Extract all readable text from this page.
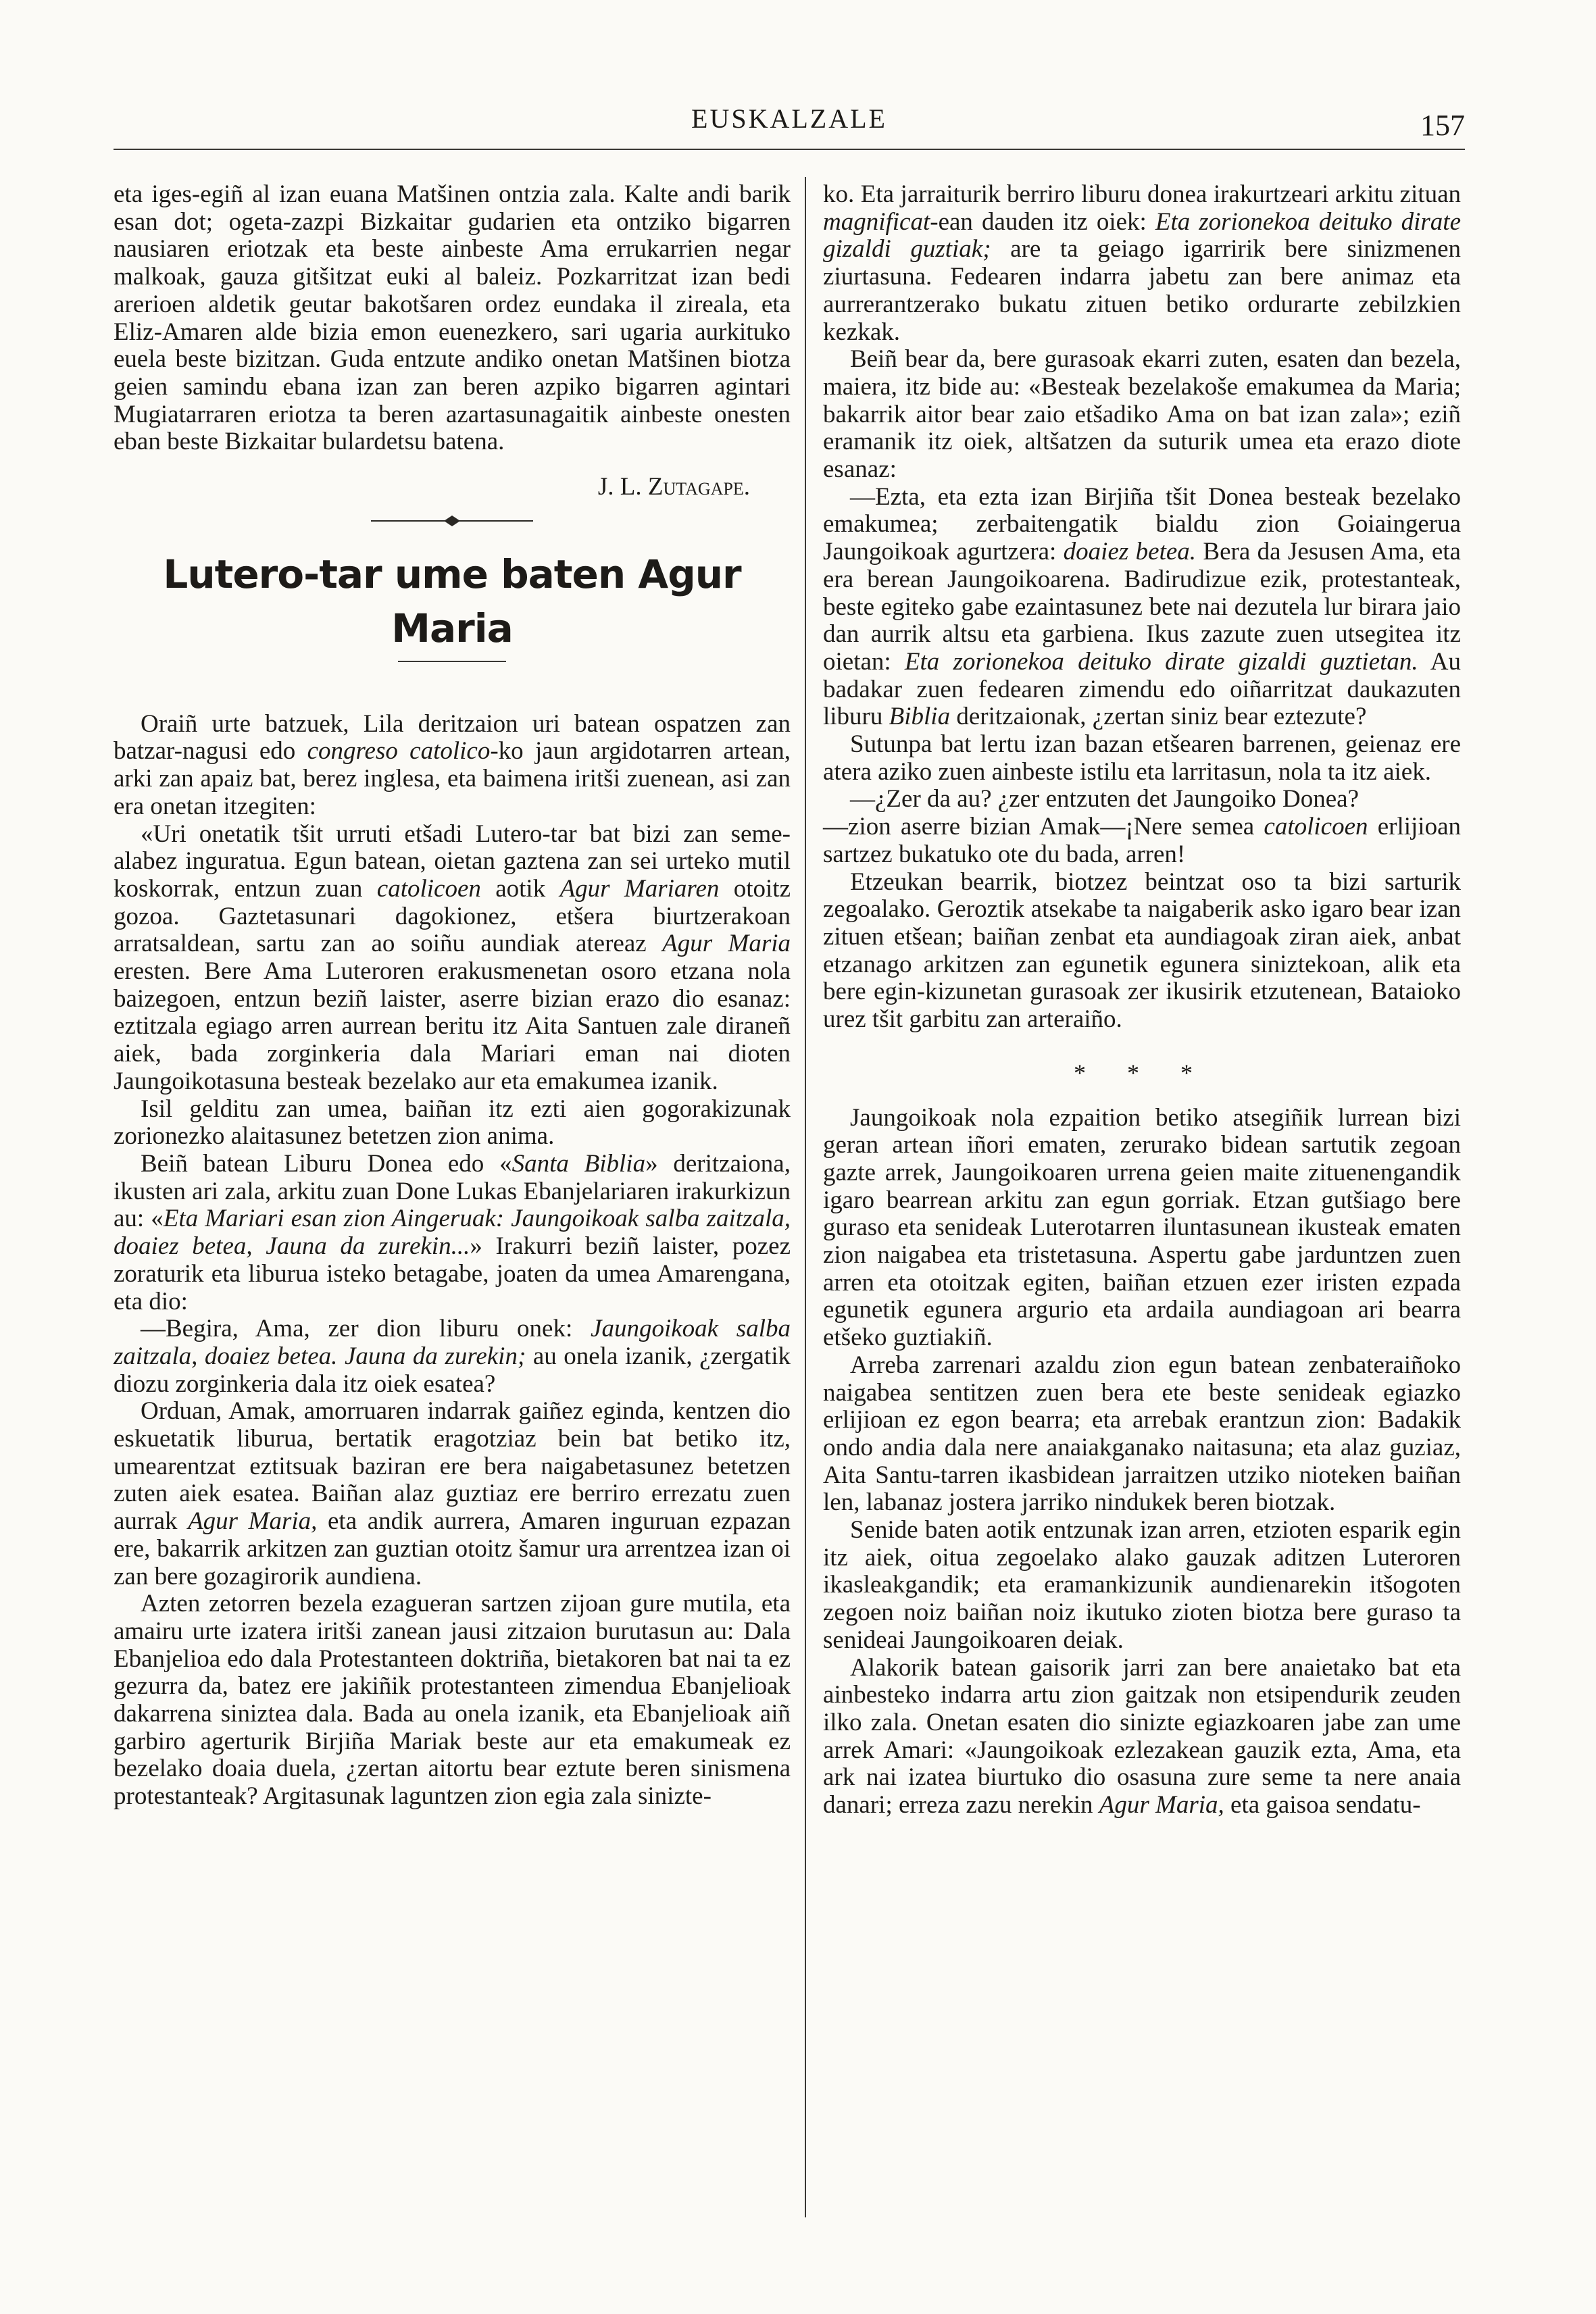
EUSKALZALE	157

eta iges-egiñ al izan euana Matšinen ontzia zala. Kalte andi barik esan dot; ogeta-zazpi Bizkaitar gudarien eta ontziko bigarren nausiaren eriotzak eta beste ainbeste Ama errukarrien negar malkoak, gauza gitšitzat euki al baleiz. Pozkarritzat izan bedi arerioen aldetik geutar bakotšaren ordez eundaka il zireala, eta Eliz-Amaren alde bizia emon euenezkero, sari ugaria aurkituko euela beste bizitzan. Guda entzute andiko onetan Matšinen biotza geien samindu ebana izan zan beren azpiko bigarren agintari Mugiatarraren eriotza ta beren azartasunagaitik ainbeste onesten eban beste Bizkaitar bulardetsu batena.

J. L. Zutagape.

Lutero-tar ume baten Agur Maria

Oraiñ urte batzuek, Lila deritzaion uri batean ospatzen zan batzar-nagusi edo congreso catolico-ko jaun argidotarren artean, arki zan apaiz bat, berez inglesa, eta baimena iritši zuenean, asi zan era onetan itzegiten:

«Uri onetatik tšit urruti etšadi Lutero-tar bat bizi zan seme-alabez inguratua. Egun batean, oietan gaztena zan sei urteko mutil koskorrak, entzun zuan catolicoen aotik Agur Mariaren otoitz gozoa. Gaztetasunari dagokionez, etšera biurtzerakoan arratsaldean, sartu zan ao soiñu aundiak atereaz Agur Maria eresten. Bere Ama Luteroren erakusmenetan osoro etzana nola baizegoen, entzun beziñ laister, aserre bizian erazo dio esanaz: eztitzala egiago arren aurrean beritu itz Aita Santuen zale diraneñ aiek, bada zorginkeria dala Mariari eman nai dioten Jaungoikotasuna besteak bezelako aur eta emakumea izanik.

Isil gelditu zan umea, baiñan itz ezti aien gogorakizunak zorionezko alaitasunez betetzen zion anima.

Beiñ batean Liburu Donea edo «Santa Biblia» deritzaiona, ikusten ari zala, arkitu zuan Done Lukas Ebanjelariaren irakurkizun au: «Eta Mariari esan zion Aingeruak: Jaungoikoak salba zaitzala, doaiez betea, Jauna da zurekin...» Irakurri beziñ laister, pozez zoraturik eta liburua isteko betagabe, joaten da umea Amarengana, eta dio:

—Begira, Ama, zer dion liburu onek: Jaungoikoak salba zaitzala, doaiez betea. Jauna da zurekin; au onela izanik, ¿zergatik diozu zorginkeria dala itz oiek esatea?

Orduan, Amak, amorruaren indarrak gaiñez eginda, kentzen dio eskuetatik liburua, bertatik eragotziaz bein bat betiko itz, umearentzat eztitsuak baziran ere bera naigabetasunez betetzen zuten aiek esatea. Baiñan alaz guztiaz ere berriro errezatu zuen aurrak Agur Maria, eta andik aurrera, Amaren inguruan ezpazan ere, bakarrik arkitzen zan guztian otoitz šamur ura arrentzea izan oi zan bere gozagirorik aundiena.

Azten zetorren bezela ezagueran sartzen zijoan gure mutila, eta amairu urte izatera iritši zanean jausi zitzaion burutasun au: Dala Ebanjelioa edo dala Protestanteen doktriña, bietakoren bat nai ta ez gezurra da, batez ere jakiñik protestanteen zimendua Ebanjelioak dakarrena siniztea dala. Bada au onela izanik, eta Ebanjelioak aiñ garbiro agerturik Birjiña Mariak beste aur eta emakumeak ez bezelako doaia duela, ¿zertan aitortu bear eztute beren sinismena protestanteak? Argitasunak laguntzen zion egia zala sinizte-

ko. Eta jarraiturik berriro liburu donea irakurtzeari arkitu zituan magnificat-ean dauden itz oiek: Eta zorionekoa deituko dirate gizaldi guztiak; are ta geiago igarririk bere sinizmenen ziurtasuna. Fedearen indarra jabetu zan bere animaz eta aurrerantzerako bukatu zituen betiko ordurarte zebilzkien kezkak.

Beiñ bear da, bere gurasoak ekarri zuten, esaten dan bezela, maiera, itz bide au: «Besteak bezelakoše emakumea da Maria; bakarrik aitor bear zaio etšadiko Ama on bat izan zala»; eziñ eramanik itz oiek, altšatzen da suturik umea eta erazo diote esanaz:

—Ezta, eta ezta izan Birjiña tšit Donea besteak bezelako emakumea; zerbaitengatik bialdu zion Goiaingerua Jaungoikoak agurtzera: doaiez betea. Bera da Jesusen Ama, eta era berean Jaungoikoarena. Badirudizue ezik, protestanteak, beste egiteko gabe ezaintasunez bete nai dezutela lur birara jaio dan aurrik altsu eta garbiena. Ikus zazute zuen utsegitea itz oietan: Eta zorionekoa deituko dirate gizaldi guztietan. Au badakar zuen fedearen zimendu edo oiñarritzat daukazuten liburu Biblia deritzaionak, ¿zertan siniz bear eztezute?

Sutunpa bat lertu izan bazan etšearen barrenen, geienaz ere atera aziko zuen ainbeste istilu eta larritasun, nola ta itz aiek.

—¿Zer da au? ¿zer entzuten det Jaungoiko Donea?

—zion aserre bizian Amak—¡Nere semea catolicoen erlijioan sartzez bukatuko ote du bada, arren!

Etzeukan bearrik, biotzez beintzat oso ta bizi sarturik zegoalako. Geroztik atsekabe ta naigaberik asko igaro bear izan zituen etšean; baiñan zenbat eta aundiagoak ziran aiek, anbat etzanago arkitzen zan egunetik egunera siniztekoan, alik eta bere egin-kizunetan gurasoak zer ikusirik etzutenean, Bataioko urez tšit garbitu zan arteraiño.

* * *

Jaungoikoak nola ezpaition betiko atsegiñik lurrean bizi geran artean iñori ematen, zerurako bidean sartutik zegoan gazte arrek, Jaungoikoaren urrena geien maite zituenengandik igaro bearrean arkitu zan egun gorriak. Etzan gutšiago bere guraso eta senideak Luterotarren iluntasunean ikusteak ematen zion naigabea eta tristetasuna. Aspertu gabe jarduntzen zuen arren eta otoitzak egiten, baiñan etzuen ezer iristen ezpada egunetik egunera argurio eta ardaila aundiagoan ari bearra etšeko guztiakiñ.

Arreba zarrenari azaldu zion egun batean zenbateraiñoko naigabea sentitzen zuen bera ete beste senideak egiazko erlijioan ez egon bearra; eta arrebak erantzun zion: Badakik ondo andia dala nere anaiakganako naitasuna; eta alaz guziaz, Aita Santu-tarren ikasbidean jarraitzen utziko nioteken baiñan len, labanaz jostera jarriko nindukek beren biotzak.

Senide baten aotik entzunak izan arren, etzioten esparik egin itz aiek, oitua zegoelako alako gauzak aditzen Luteroren ikasleakgandik; eta eramankizunik aundienarekin itšogoten zegoen noiz baiñan noiz ikutuko zioten biotza bere guraso ta senideai Jaungoikoaren deiak.

Alakorik batean gaisorik jarri zan bere anaietako bat eta ainbesteko indarra artu zion gaitzak non etsipendurik zeuden ilko zala. Onetan esaten dio sinizte egiazkoaren jabe zan ume arrek Amari: «Jaungoikoak ezlezakean gauzik ezta, Ama, eta ark nai izatea biurtuko dio osasuna zure seme ta nere anaia danari; erreza zazu nerekin Agur Maria, eta gaisoa sendatu-
